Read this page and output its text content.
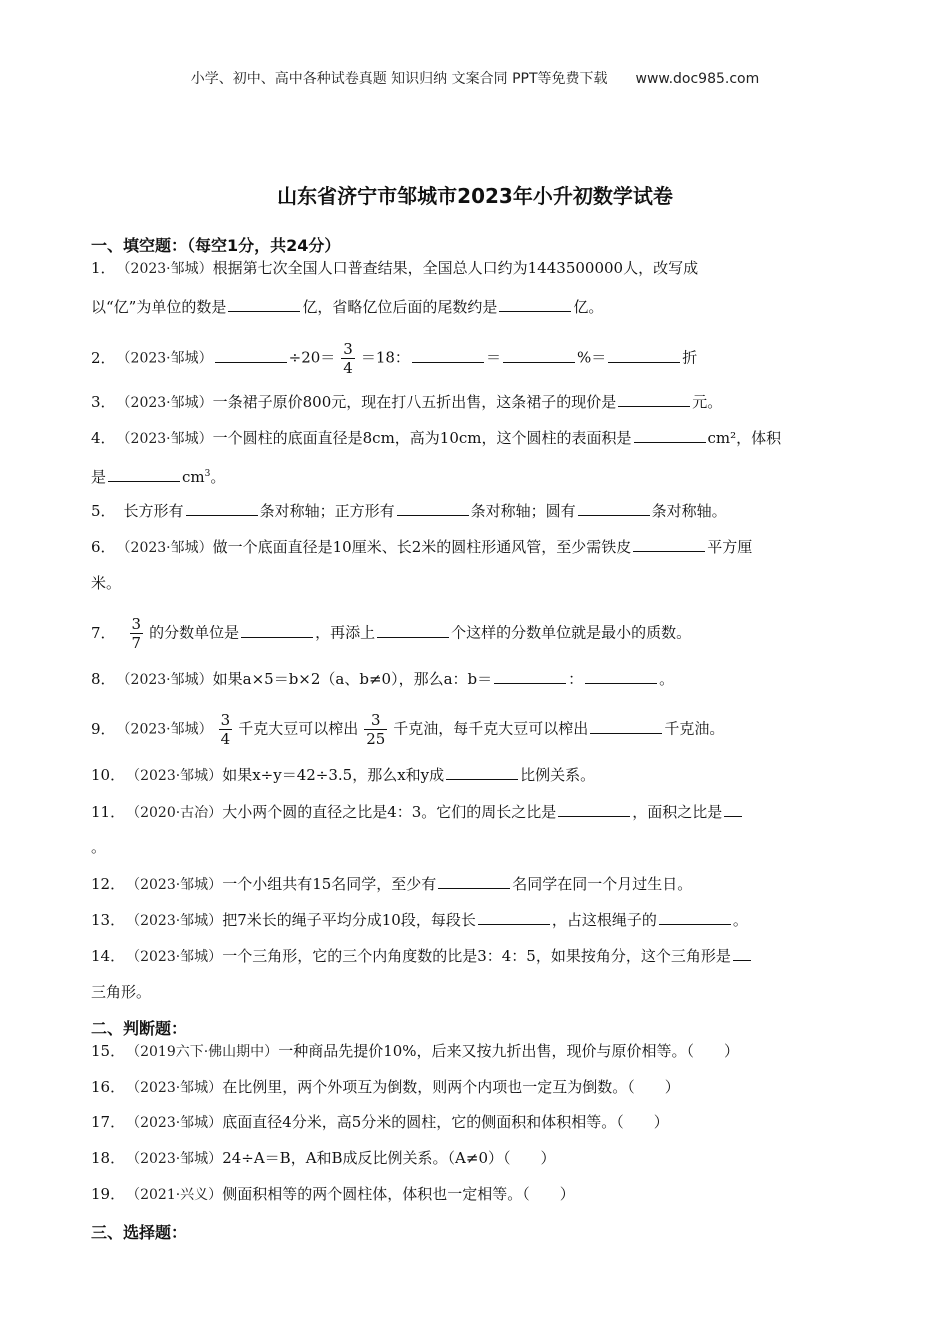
小学、初中、高中各种试卷真题 知识归纳 文案合同 PPT等免费下载 www.doc985.com
山东省济宁市邹城市2023年小升初数学试卷
一、填空题：（每空1分，共24分）
1． （2023·邹城）根据第七次全国人口普查结果，全国总人口约为1443500000人，改写成
以“亿”为单位的数是	亿，省略亿位后面的尾数约是	亿。
2． （2023·邹城）	$\div 20= \frac{3}{4} =18$：	＝	%＝	折
3． （2023·邹城）一条裙子原价800元，现在打八五折出售，这条裙子的现价是	元。
4． （2023·邹城）一个圆柱的底面直径是8cm，高为10cm，这个圆柱的表面积是	cm²，体积
是	$cm^3$。
5． 长方形有	条对称轴；正方形有	条对称轴；圆有	条对称轴。
6． （2023·邹城）做一个底面直径是10厘米、长2米的圆柱形通风管，至少需铁皮	平方厘
米。
7． $\frac{3}{7}$ 的分数单位是	，再添上	个这样的分数单位就是最小的质数。
8． （2023·邹城）如果a×5＝b×2（a、b≠0），那么a：b＝	：	。
9． （2023·邹城） $\frac{3}{4}$ 千克大豆可以榨出 $\frac{3}{25}$ 千克油，每千克大豆可以榨出	千克油。
10． （2023·邹城）如果x÷y＝42÷3.5，那么x和y成	比例关系。
11． （2020·古冶）大小两个圆的直径之比是4：3。它们的周长之比是	，面积之比是
。
12． （2023·邹城）一个小组共有15名同学，至少有	名同学在同一个月过生日。
13． （2023·邹城）把7米长的绳子平均分成10段，每段长	，占这根绳子的	。
14． （2023·邹城）一个三角形，它的三个内角度数的比是3：4：5，如果按角分，这个三角形是
三角形。
二、判断题：
15． （2019六下·佛山期中）一种商品先提价10%，后来又按九折出售，现价与原价相等。（　　）
16． （2023·邹城）在比例里，两个外项互为倒数，则两个内项也一定互为倒数。（　　）
17． （2023·邹城）底面直径4分米，高5分米的圆柱，它的侧面积和体积相等。（　　）
18． （2023·邹城）24÷A＝B，A和B成反比例关系。（A≠0）（　　）
19． （2021·兴义）侧面积相等的两个圆柱体，体积也一定相等。（　　）
三、选择题：
